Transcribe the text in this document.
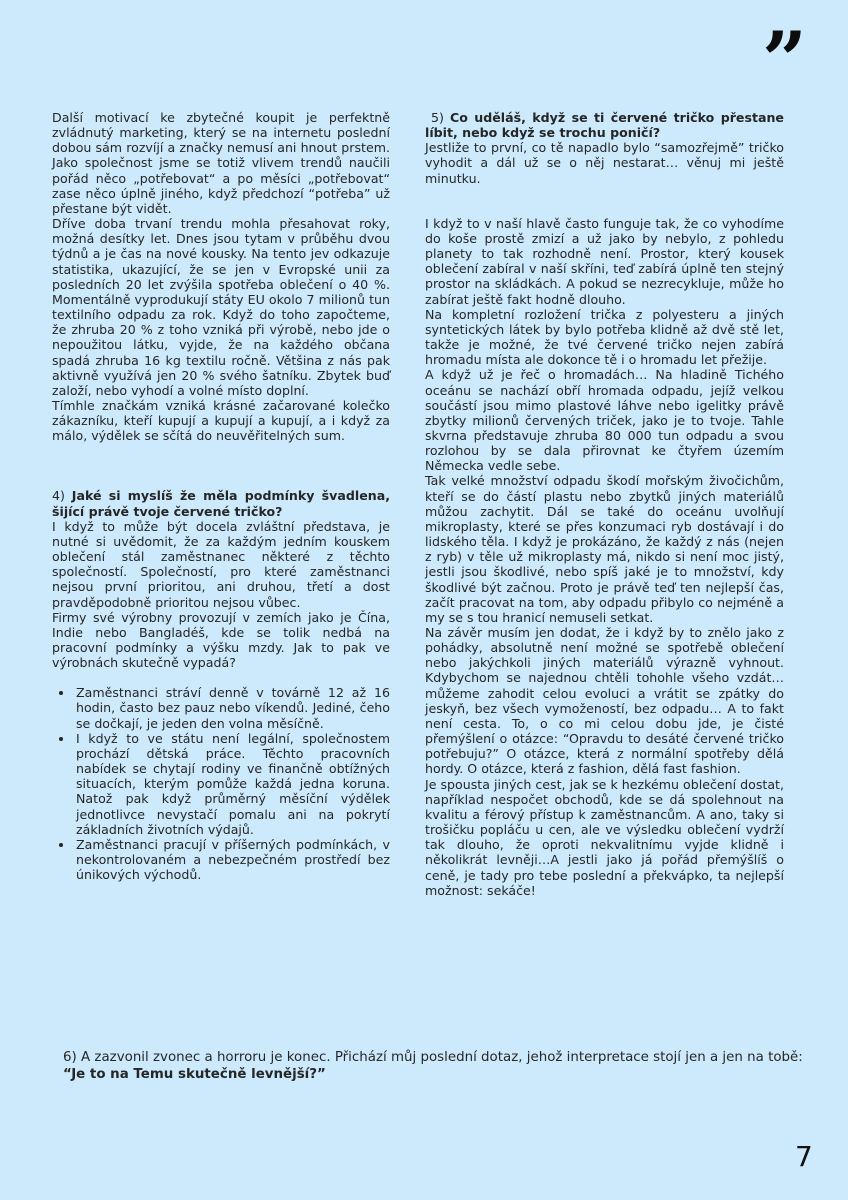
”

Další motivací ke zbytečné koupit je perfektně zvládnutý marketing, který se na internetu poslední dobou sám rozvíjí a značky nemusí ani hnout prstem. Jako společnost jsme se totiž vlivem trendů naučili pořád něco „potřebovat“ a po měsíci „potřebovat“ zase něco úplně jiného, když předchozí “potřeba” už přestane být vidět.

Dříve doba trvaní trendu mohla přesahovat roky, možná desítky let. Dnes jsou tytam v průběhu dvou týdnů a je čas na nové kousky. Na tento jev odkazuje statistika, ukazující, že se jen v Evropské unii za posledních 20 let zvýšila spotřeba oblečení o 40 %. Momentálně vyprodukují státy EU okolo 7 milionů tun textilního odpadu za rok. Když do toho započteme, že zhruba 20 % z toho vzniká při výrobě, nebo jde o nepoužitou látku, vyjde, že na každého občana spadá zhruba 16 kg textilu ročně. Většina z nás pak aktivně využívá jen 20 % svého šatníku. Zbytek buď založí, nebo vyhodí a volné místo doplní.

Tímhle značkám vzniká krásné začarované kolečko zákazníku, kteří kupují a kupují a kupují, a i když za málo, výdělek se sčítá do neuvěřitelných sum.

4) Jaké si myslíš že měla podmínky švadlena, šijící právě tvoje červené tričko?

I když to může být docela zvláštní představa, je nutné si uvědomit, že za každým jedním kouskem oblečení stál zaměstnanec některé z těchto společností. Společností, pro které zaměstnanci nejsou první prioritou, ani druhou, třetí a dost pravděpodobně prioritou nejsou vůbec.

Firmy své výrobny provozují v zemích jako je Čína, Indie nebo Bangladéš, kde se tolik nedbá na pracovní podmínky a výšku mzdy. Jak to pak ve výrobnách skutečně vypadá?

• Zaměstnanci stráví denně v továrně 12 až 16 hodin, často bez pauz nebo víkendů. Jediné, čeho se dočkají, je jeden den volna měsíčně.
• I když to ve státu není legální, společnostem prochází dětská práce. Těchto pracovních nabídek se chytají rodiny ve finančně obtížných situacích, kterým pomůže každá jedna koruna. Natož pak když průměrný měsíční výdělek jednotlivce nevystačí pomalu ani na pokrytí základních životních výdajů.
• Zaměstnanci pracují v příšerných podmínkách, v nekontrolovaném a nebezpečném prostředí bez únikových východů.

5) Co uděláš, když se ti červené tričko přestane líbit, nebo když se trochu poničí?

Jestliže to první, co tě napadlo bylo “samozřejmě” tričko vyhodit a dál už se o něj nestarat… věnuj mi ještě minutku.

I když to v naší hlavě často funguje tak, že co vyhodíme do koše prostě zmizí a už jako by nebylo, z pohledu planety to tak rozhodně není. Prostor, který kousek oblečení zabíral v naší skříni, teď zabírá úplně ten stejný prostor na skládkách. A pokud se nezrecykluje, může ho zabírat ještě fakt hodně dlouho.

Na kompletní rozložení trička z polyesteru a jiných syntetických látek by bylo potřeba klidně až dvě stě let, takže je možné, že tvé červené tričko nejen zabírá hromadu místa ale dokonce tě i o hromadu let přežije.

A když už je řeč o hromadách… Na hladině Tichého oceánu se nachází obří hromada odpadu, jejíž velkou součástí jsou mimo plastové láhve nebo igelitky právě zbytky milionů červených triček, jako je to tvoje. Tahle skvrna představuje zhruba 80 000 tun odpadu a svou rozlohou by se dala přirovnat ke čtyřem územím Německa vedle sebe.

Tak velké množství odpadu škodí mořským živočichům, kteří se do částí plastu nebo zbytků jiných materiálů můžou zachytit. Dál se také do oceánu uvolňují mikroplasty, které se přes konzumaci ryb dostávají i do lidského těla. I když je prokázáno, že každý z nás (nejen z ryb) v těle už mikroplasty má, nikdo si není moc jistý, jestli jsou škodlivé, nebo spíš jaké je to množství, kdy škodlivé být začnou. Proto je právě teď ten nejlepší čas, začít pracovat na tom, aby odpadu přibylo co nejméně a my se s tou hranicí nemuseli setkat.

Na závěr musím jen dodat, že i když by to znělo jako z pohádky, absolutně není možné se spotřebě oblečení nebo jakýchkoli jiných materiálů výrazně vyhnout. Kdybychom se najednou chtěli tohohle všeho vzdát…můžeme zahodit celou evoluci a vrátit se zpátky do jeskyň, bez všech vymožeností, bez odpadu… A to fakt není cesta. To, o co mi celou dobu jde, je čisté přemýšlení o otázce: “Opravdu to desáté červené tričko potřebuju?” O otázce, která z normální spotřeby dělá hordy. O otázce, která z fashion, dělá fast fashion.

Je spousta jiných cest, jak se k hezkému oblečení dostat, například nespočet obchodů, kde se dá spolehnout na kvalitu a férový přístup k zaměstnancům. A ano, taky si trošičku popláču u cen, ale ve výsledku oblečení vydrží tak dlouho, že oproti nekvalitnímu vyjde klidně i několikrát levněji…A jestli jako já pořád přemýšlíš o ceně, je tady pro tebe poslední a překvápko, ta nejlepší možnost: sekáče!

6) A zazvonil zvonec a horroru je konec. Přichází můj poslední dotaz, jehož interpretace stojí jen a jen na tobě: “Je to na Temu skutečně levnější?”
7
